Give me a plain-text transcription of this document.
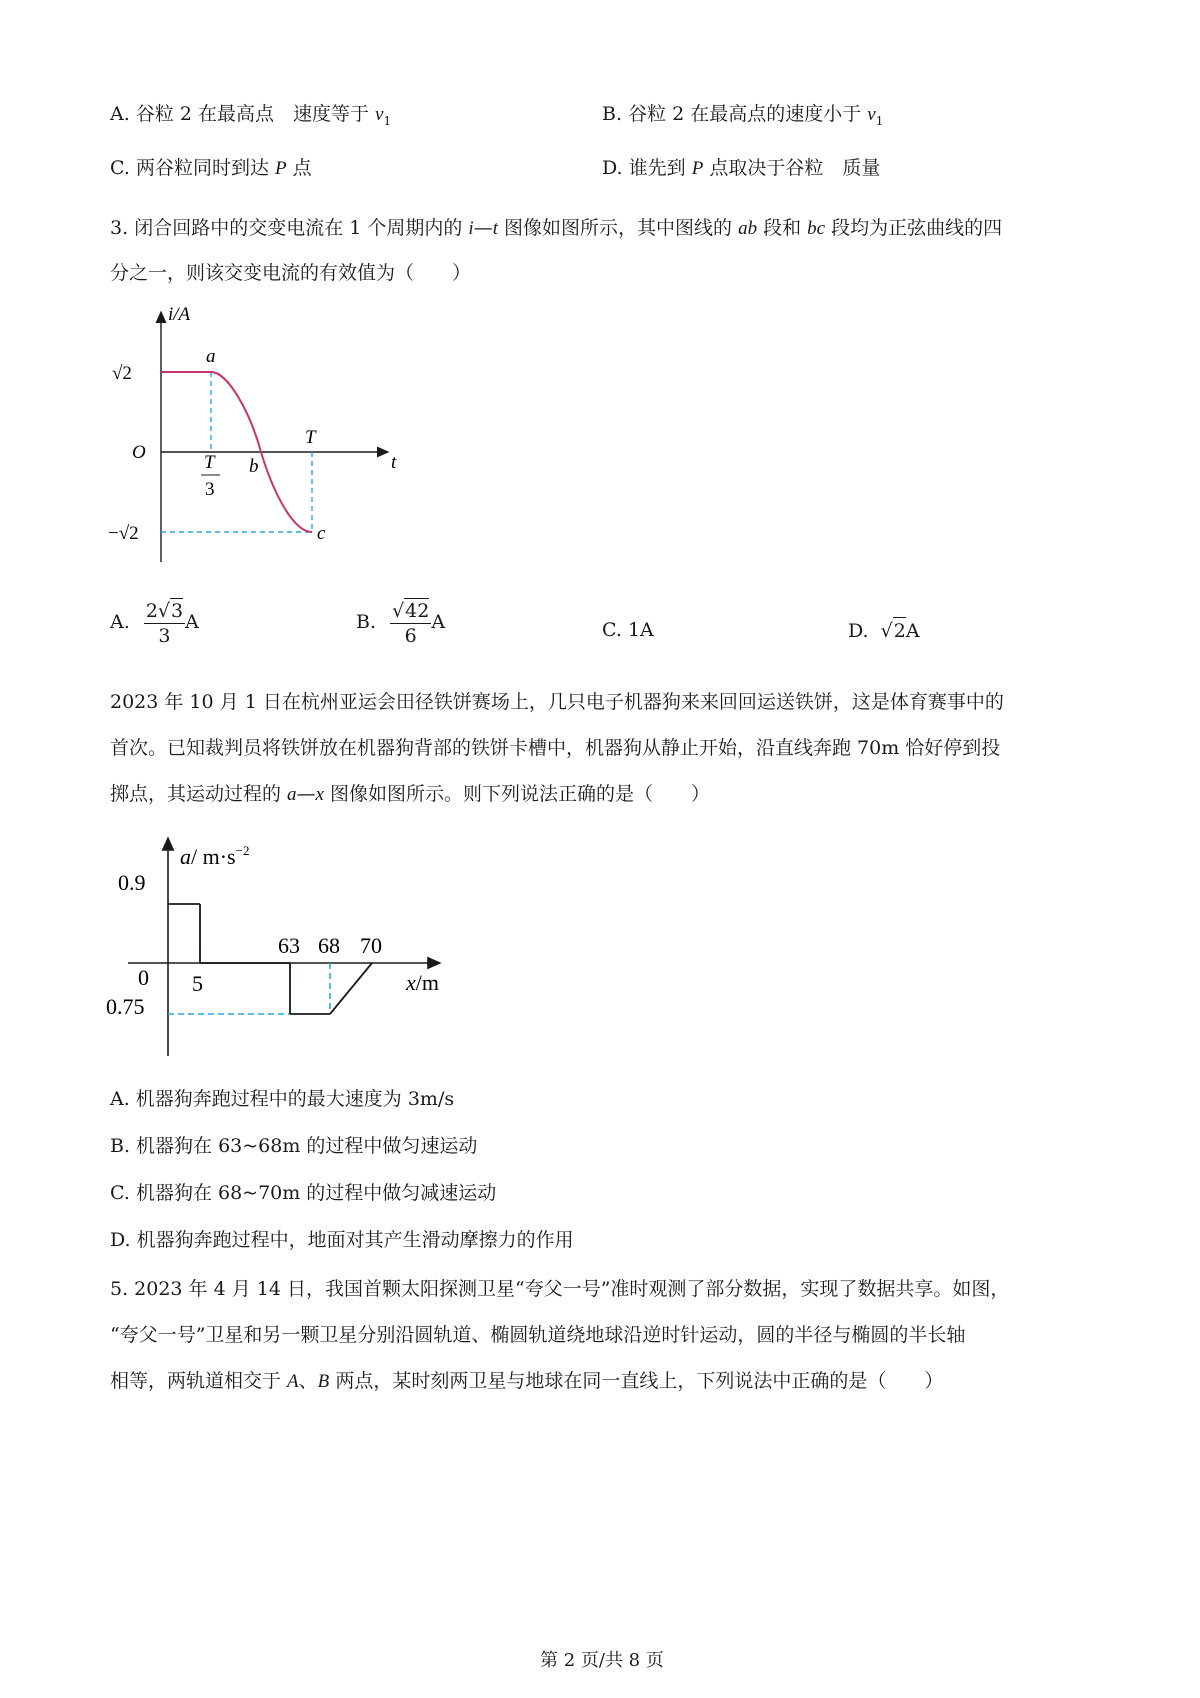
A. 谷粒 2 在最高点　速度等于 $v_1$	B. 谷粒 2 在最高点的速度小于 $v_1$
C. 两谷粒同时到达 P 点	D. 谁先到 P 点取决于谷粒　质量
3. 闭合回路中的交变电流在 1 个周期内的 i—t 图像如图所示，其中图线的 ab 段和 bc 段均为正弦曲线的四
分之一，则该交变电流的有效值为（　　）
i/A
√2
a
O
T
t
T
3
b
−√2	c
A. $\frac{2√3}{3}$ A	B. $\frac{√42}{6}$ A	C. 1A	D. √2A
2023 年 10 月 1 日在杭州亚运会田径铁饼赛场上，几只电子机器狗来来回回运送铁饼，这是体育赛事中的
首次。已知裁判员将铁饼放在机器狗背部的铁饼卡槽中，机器狗从静止开始，沿直线奔跑 70m 恰好停到投
掷点，其运动过程的 a—x 图像如图所示。则下列说法正确的是（　　）
a/ $m\cdot s^{-2}$
0.9
0.75
0	x/m
5
63 68 70
A. 机器狗奔跑过程中的最大速度为 3m/s
B. 机器狗在 63~68m 的过程中做匀速运动
C. 机器狗在 68~70m 的过程中做匀减速运动
D. 机器狗奔跑过程中，地面对其产生滑动摩擦力的作用
5. 2023 年 4 月 14 日，我国首颗太阳探测卫星“夸父一号”准时观测了部分数据，实现了数据共享。如图，
“夸父一号”卫星和另一颗卫星分别沿圆轨道、椭圆轨道绕地球沿逆时针运动，圆的半径与椭圆的半长轴
相等，两轨道相交于 A、B 两点，某时刻两卫星与地球在同一直线上，下列说法中正确的是（　　）
第 2 页/共 8 页
